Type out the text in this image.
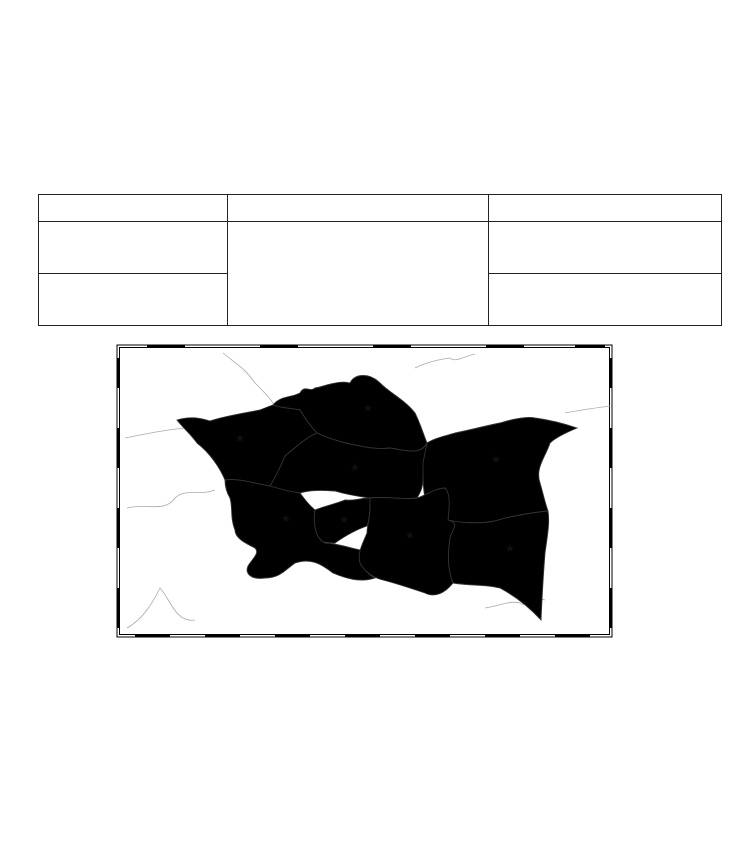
★
★
★
★
★
★
★
★
